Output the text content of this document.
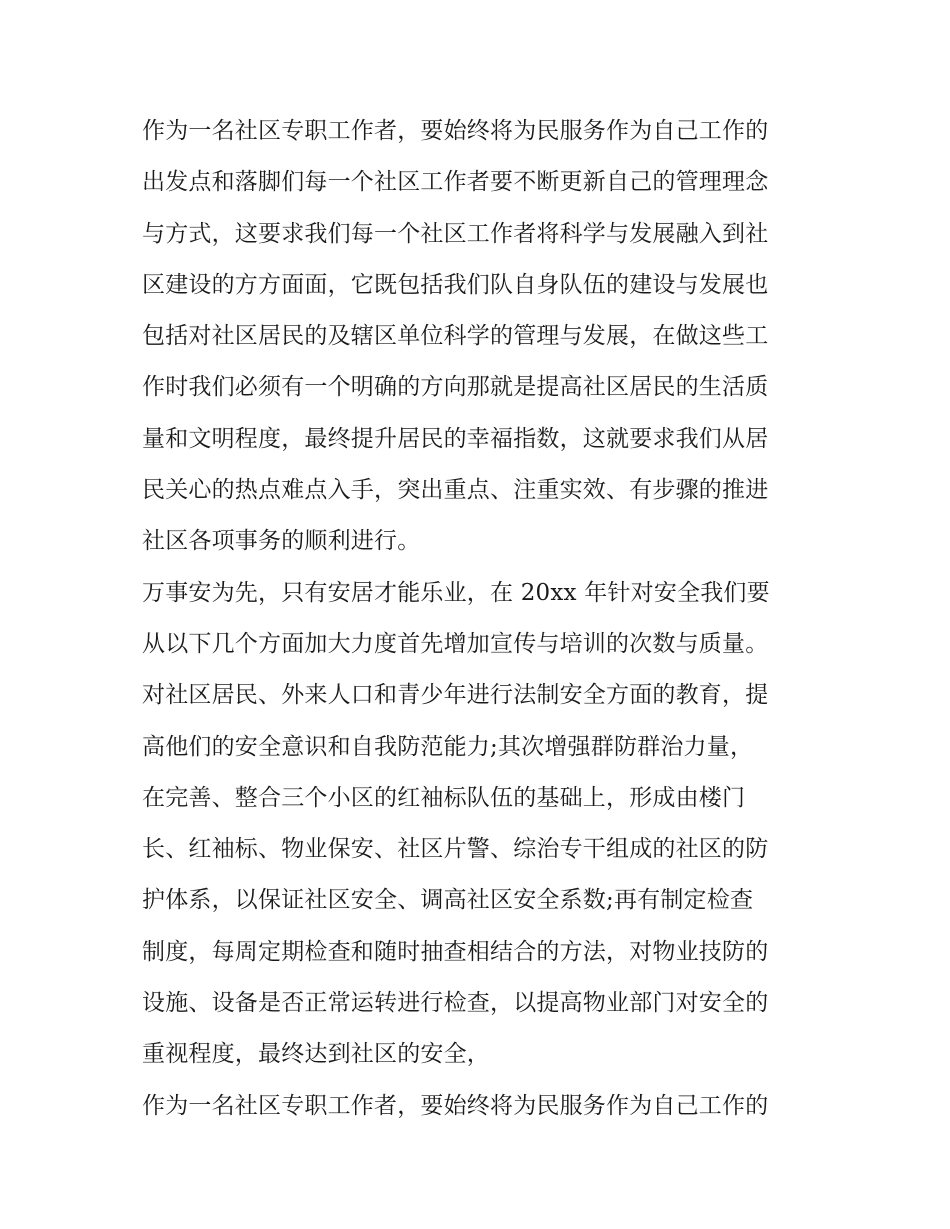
作为一名社区专职工作者，要始终将为民服务作为自己工作的
出发点和落脚们每一个社区工作者要不断更新自己的管理理念
与方式，这要求我们每一个社区工作者将科学与发展融入到社
区建设的方方面面，它既包括我们队自身队伍的建设与发展也
包括对社区居民的及辖区单位科学的管理与发展，在做这些工
作时我们必须有一个明确的方向那就是提高社区居民的生活质
量和文明程度，最终提升居民的幸福指数，这就要求我们从居
民关心的热点难点入手，突出重点、注重实效、有步骤的推进
社区各项事务的顺利进行。
万事安为先，只有安居才能乐业，在 20xx 年针对安全我们要
从以下几个方面加大力度首先增加宣传与培训的次数与质量。
对社区居民、外来人口和青少年进行法制安全方面的教育，提
高他们的安全意识和自我防范能力;其次增强群防群治力量，
在完善、整合三个小区的红袖标队伍的基础上，形成由楼门
长、红袖标、物业保安、社区片警、综治专干组成的社区的防
护体系，以保证社区安全、调高社区安全系数;再有制定检查
制度，每周定期检查和随时抽查相结合的方法，对物业技防的
设施、设备是否正常运转进行检查，以提高物业部门对安全的
重视程度，最终达到社区的安全，
作为一名社区专职工作者，要始终将为民服务作为自己工作的
